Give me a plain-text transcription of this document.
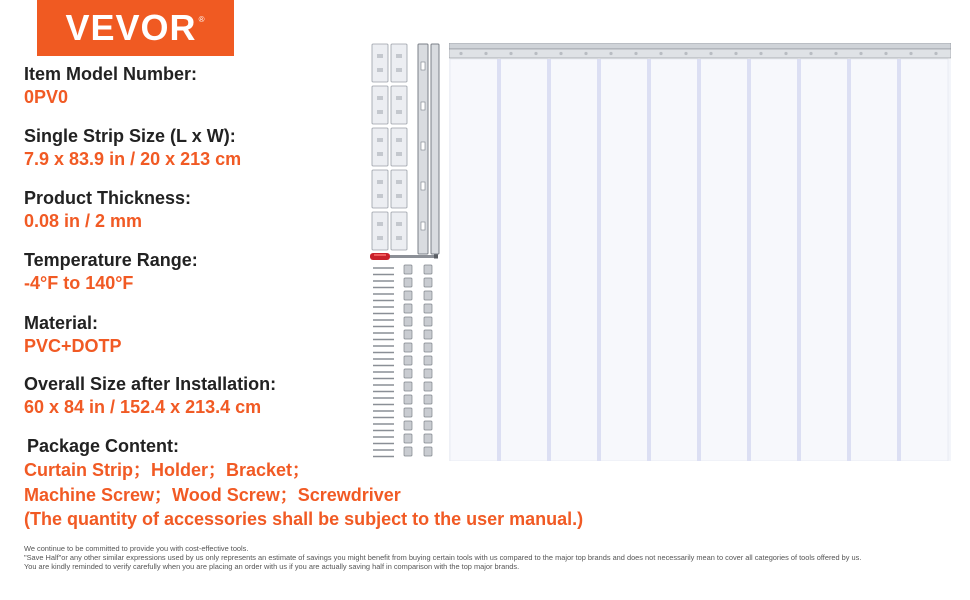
VEVOR ®
Item Model Number:
0PV0
Single Strip Size (L x W):
7.9 x 83.9 in / 20 x 213 cm
Product Thickness:
0.08 in / 2 mm
Temperature Range:
-4°F to 140°F
Material:
PVC+DOTP
Overall Size after Installation:
60 x 84 in / 152.4 x 213.4 cm
Package Content:
Curtain Strip；Holder；Bracket；
Machine Screw；Wood Screw；Screwdriver
(The quantity of accessories shall be subject to the user manual.)
We continue to be committed to provide you with cost-effective tools.
"Save Half"or any other similar expressions used by us only represents an estimate of savings you might benefit from buying certain tools with us compared to the major top brands and does not necessarily mean to cover all categories of tools offered by us.
You are kindly reminded to verify carefully when you are placing an order with us if you are actually saving half in comparison with the top major brands.
